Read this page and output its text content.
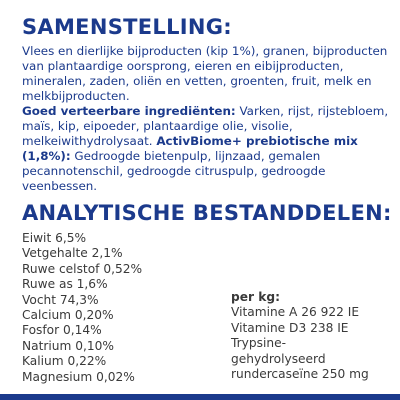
SAMENSTELLING:

Vlees en dierlijke bijproducten (kip 1%), granen, bijproducten van plantaardige oorsprong, eieren en eibijproducten, mineralen, zaden, oliën en vetten, groenten, fruit, melk en melkbijproducten.
Goed verteerbare ingrediënten: Varken, rijst, rijstebloem, maïs, kip, eipoeder, plantaardige olie, visolie, melkeiwithydrolysaat. ActivBiome+ prebiotische mix (1,8%): Gedroogde bietenpulp, lijnzaad, gemalen pecannotenschil, gedroogde citruspulp, gedroogde veenbessen.

ANALYTISCHE BESTANDDELEN:
Eiwit 6,5%
Vetgehalte 2,1%
Ruwe celstof 0,52%
Ruwe as 1,6%
Vocht 74,3%
Calcium 0,20%
Fosfor 0,14%
Natrium 0,10%
Kalium 0,22%
Magnesium 0,02%
per kg:
Vitamine A 26 922 IE
Vitamine D3 238 IE
Trypsine-
gehydrolyseerd
rundercaseïne 250 mg
